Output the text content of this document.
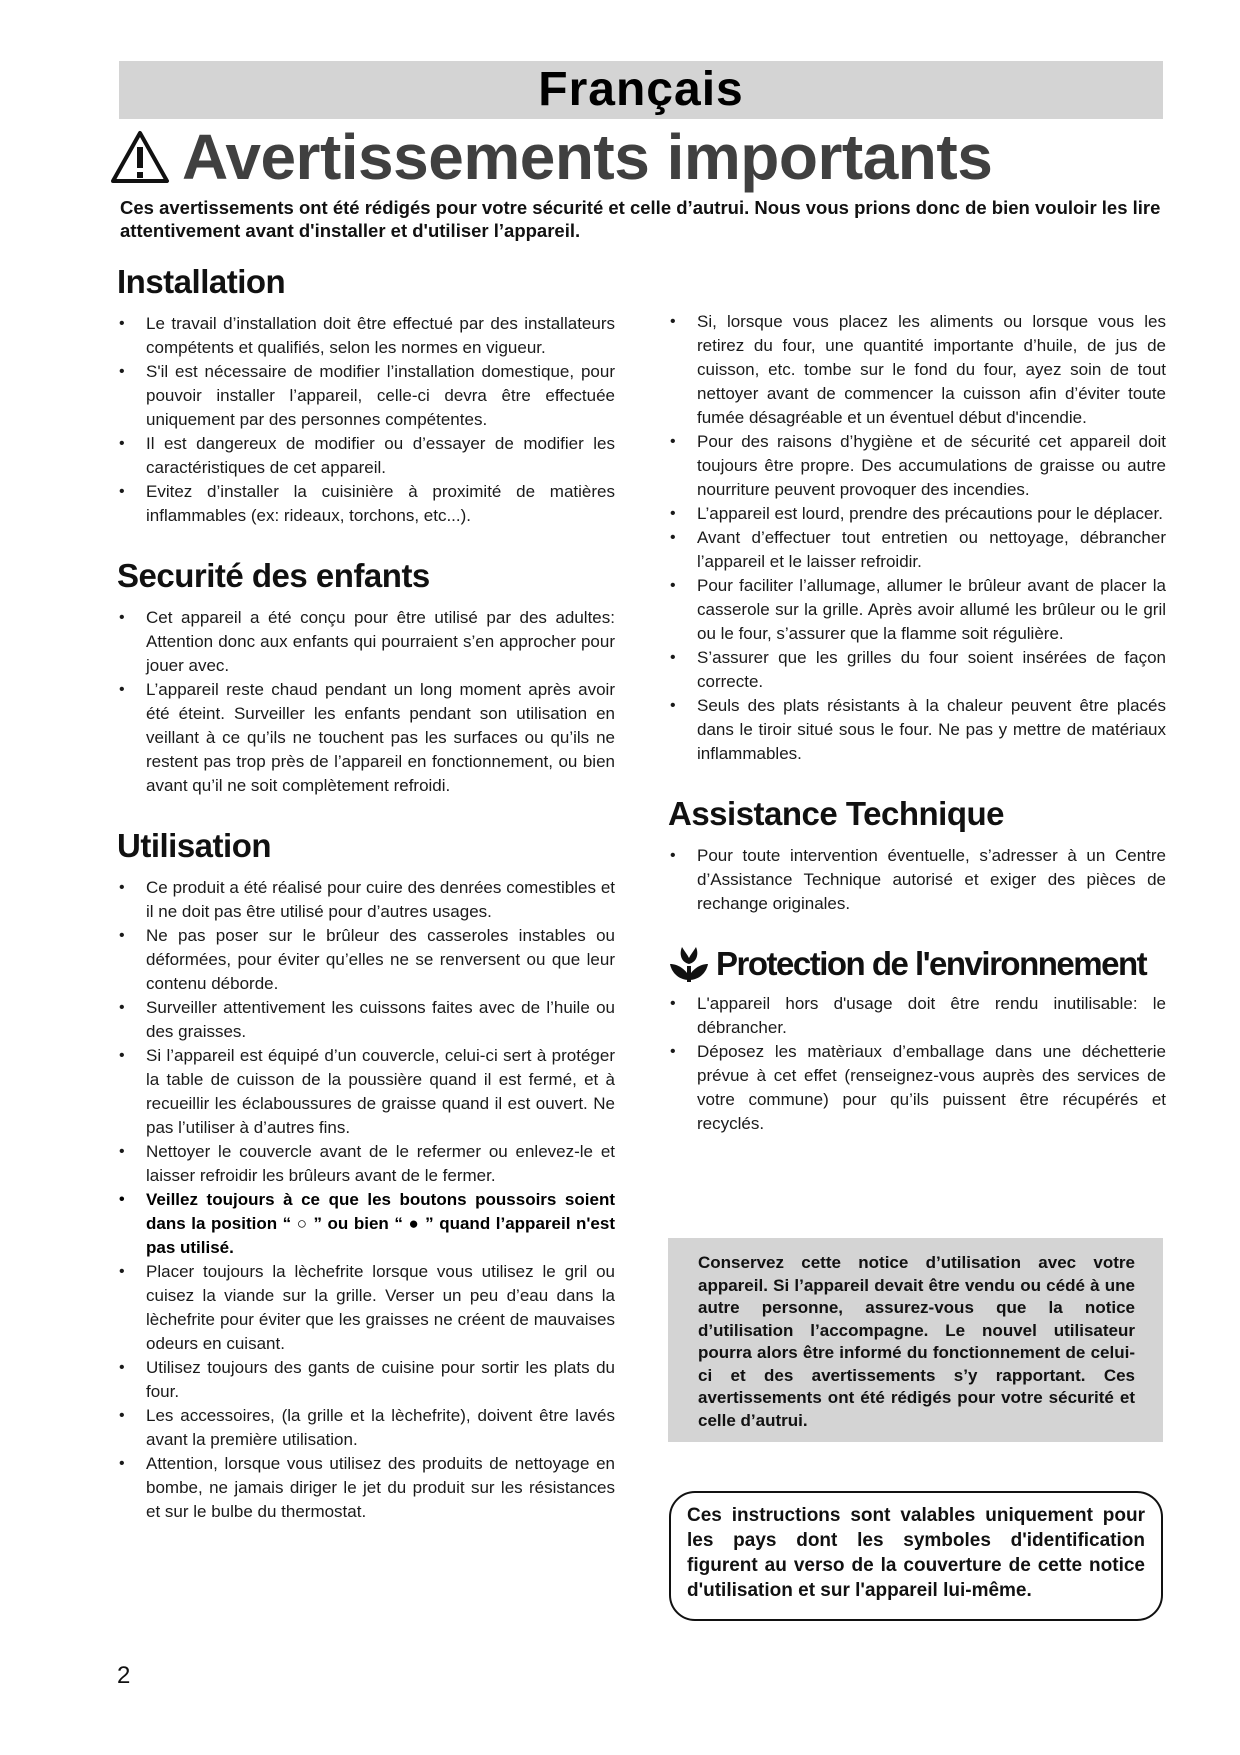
Français
Avertissements importants

Ces avertissements ont été rédigés pour votre sécurité et celle d’autrui. Nous vous prions donc de bien vouloir les lire attentivement avant d'installer et d'utiliser l’appareil.

Installation
• Le travail d’installation doit être effectué par des installateurs compétents et qualifiés, selon les normes en vigueur.
• S'il est nécessaire de modifier l’installation domestique, pour pouvoir installer l’appareil, celle-ci devra être effectuée uniquement par des personnes compétentes.
• Il est dangereux de modifier ou d’essayer de modifier les caractéristiques de cet appareil.
• Evitez d’installer la cuisinière à proximité de matières inflammables (ex: rideaux, torchons, etc...).
Securité des enfants
• Cet appareil a été conçu pour être utilisé par des adultes: Attention donc aux enfants qui pourraient s’en approcher pour jouer avec.
• L’appareil reste chaud pendant un long moment après avoir été éteint. Surveiller les enfants pendant son utilisation en veillant à ce qu’ils ne touchent pas les surfaces ou qu’ils ne restent pas trop près de l’appareil en fonctionnement, ou bien avant qu’il ne soit complètement refroidi.
Utilisation
• Ce produit a été réalisé pour cuire des denrées comestibles et il ne doit pas être utilisé pour d’autres usages.
• Ne pas poser sur le brûleur des casseroles instables ou déformées, pour éviter qu’elles ne se renversent ou que leur contenu déborde.
• Surveiller attentivement les cuissons faites avec de l’huile ou des graisses.
• Si l’appareil est équipé d’un couvercle, celui-ci sert à protéger la table de cuisson de la poussière quand il est fermé, et à recueillir les éclaboussures de graisse quand il est ouvert. Ne pas l’utiliser à d’autres fins.
• Nettoyer le couvercle avant de le refermer ou enlevez-le et laisser refroidir les brûleurs avant de le fermer.
• Veillez toujours à ce que les boutons poussoirs soient dans la position “ ○ ” ou bien “ ● ” quand l’appareil n'est pas utilisé.
• Placer toujours la lèchefrite lorsque vous utilisez le gril ou cuisez la viande sur la grille. Verser un peu d’eau dans la lèchefrite pour éviter que les graisses ne créent de mauvaises odeurs en cuisant.
• Utilisez toujours des gants de cuisine pour sortir les plats du four.
• Les accessoires, (la grille et la lèchefrite), doivent être lavés avant la première utilisation.
• Attention, lorsque vous utilisez des produits de nettoyage en bombe, ne jamais diriger le jet du produit sur les résistances et sur le bulbe du thermostat.
• Si, lorsque vous placez les aliments ou lorsque vous les retirez du four, une quantité importante d’huile, de jus de cuisson, etc. tombe sur le fond du four, ayez soin de tout nettoyer avant de commencer la cuisson afin d’éviter toute fumée désagréable et un éventuel début d'incendie.
• Pour des raisons d’hygiène et de sécurité cet appareil doit toujours être propre. Des accumulations de graisse ou autre nourriture peuvent provoquer des incendies.
• L’appareil est lourd, prendre des précautions pour le déplacer.
• Avant d’effectuer tout entretien ou nettoyage, débrancher l’appareil et le laisser refroidir.
• Pour faciliter l’allumage, allumer le brûleur avant de placer la casserole sur la grille. Après avoir allumé les brûleur ou le gril ou le four, s’assurer que la flamme soit régulière.
• S’assurer que les grilles du four soient insérées de façon correcte.
• Seuls des plats résistants à la chaleur peuvent être placés dans le tiroir situé sous le four. Ne pas y mettre de matériaux inflammables.
Assistance Technique
• Pour toute intervention éventuelle, s’adresser à un Centre d’Assistance Technique autorisé et exiger des pièces de rechange originales.
Protection de l'environnement
• L'appareil hors d'usage doit être rendu inutilisable: le débrancher.
• Déposez les matèriaux d’emballage dans une déchetterie prévue à cet effet (renseignez-vous auprès des services de votre commune) pour qu’ils puissent être récupérés et recyclés.

Conservez cette notice d’utilisation avec votre appareil. Si l’appareil devait être vendu ou cédé à une autre personne, assurez-vous que la notice d’utilisation l’accompagne. Le nouvel utilisateur pourra alors être informé du fonctionnement de celui-ci et des avertissements s’y rapportant. Ces avertissements ont été rédigés pour votre sécurité et celle d’autrui.

Ces instructions sont valables uniquement pour les pays dont les symboles d'identification figurent au verso de la couverture de cette notice d'utilisation et sur l'appareil lui-même.

2
